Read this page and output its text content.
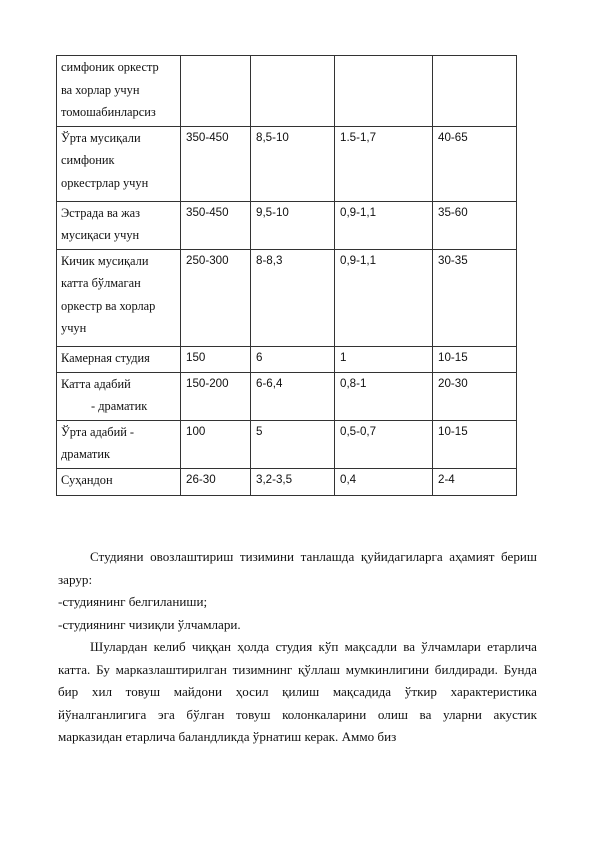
симфоник оркестр
ва хорлар учун
томошабинларсиз				

Ўрта мусиқали
симфоник
оркестрлар учун	350-450	8,5-10	1.5-1,7	40-65

Эстрада ва жаз
мусиқаси учун	350-450	9,5-10	0,9-1,1	35-60

Кичик мусиқали
катта бўлмаган
оркестр ва хорлар
учун	250-300	8-8,3	0,9-1,1	30-35

Камерная студия	150	6	1	10-15

Катта адабий
- драматик	150-200	6-6,4	0,8-1	20-30

Ўрта адабий -
драматик	100	5	0,5-0,7	10-15

Суҳандон	26-30	3,2-3,5	0,4	2-4

Студияни овозлаштириш тизимини танлашда қуйидагиларга аҳамият бериш зарур:

-студиянинг белгиланиши;

-студиянинг чизиқли ўлчамлари.

Шулардан келиб чиққан ҳолда студия кўп мақсадли ва ўлчамлари етарлича катта. Бу марказлаштирилган тизимнинг қўллаш мумкинлигини билдиради. Бунда бир хил товуш майдони ҳосил қилиш мақсадида ўткир характеристика йўналганлигига эга бўлган товуш колонкаларини олиш ва уларни акустик марказидан етарлича баландликда ўрнатиш керак. Аммо биз
